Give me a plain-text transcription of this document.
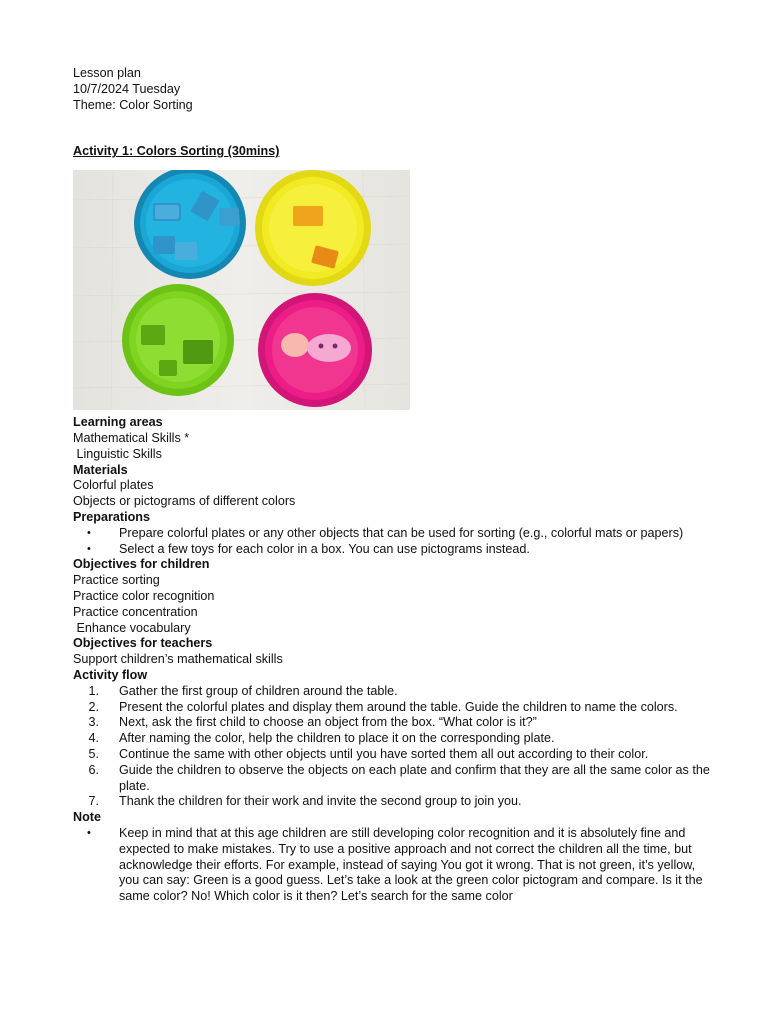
Lesson plan
10/7/2024 Tuesday
Theme: Color Sorting
Activity 1: Colors Sorting (30mins)
Learning areas
Mathematical Skills *
Linguistic Skills
Materials
Colorful plates
Objects or pictograms of different colors
Preparations
• Prepare colorful plates or any other objects that can be used for sorting (e.g., colorful mats or papers)
• Select a few toys for each color in a box. You can use pictograms instead.
Objectives for children
Practice sorting
Practice color recognition
Practice concentration
Enhance vocabulary
Objectives for teachers
Support children’s mathematical skills
Activity flow
1. Gather the first group of children around the table.
2. Present the colorful plates and display them around the table. Guide the children to name the colors.
3. Next, ask the first child to choose an object from the box. “What color is it?”
4. After naming the color, help the children to place it on the corresponding plate.
5. Continue the same with other objects until you have sorted them all out according to their color.
6. Guide the children to observe the objects on each plate and confirm that they are all the same color as the plate.
7. Thank the children for their work and invite the second group to join you.
Note
• Keep in mind that at this age children are still developing color recognition and it is absolutely fine and expected to make mistakes. Try to use a positive approach and not correct the children all the time, but acknowledge their efforts. For example, instead of saying You got it wrong. That is not green, it’s yellow, you can say: Green is a good guess. Let’s take a look at the green color pictogram and compare. Is it the same color? No! Which color is it then? Let’s search for the same color
